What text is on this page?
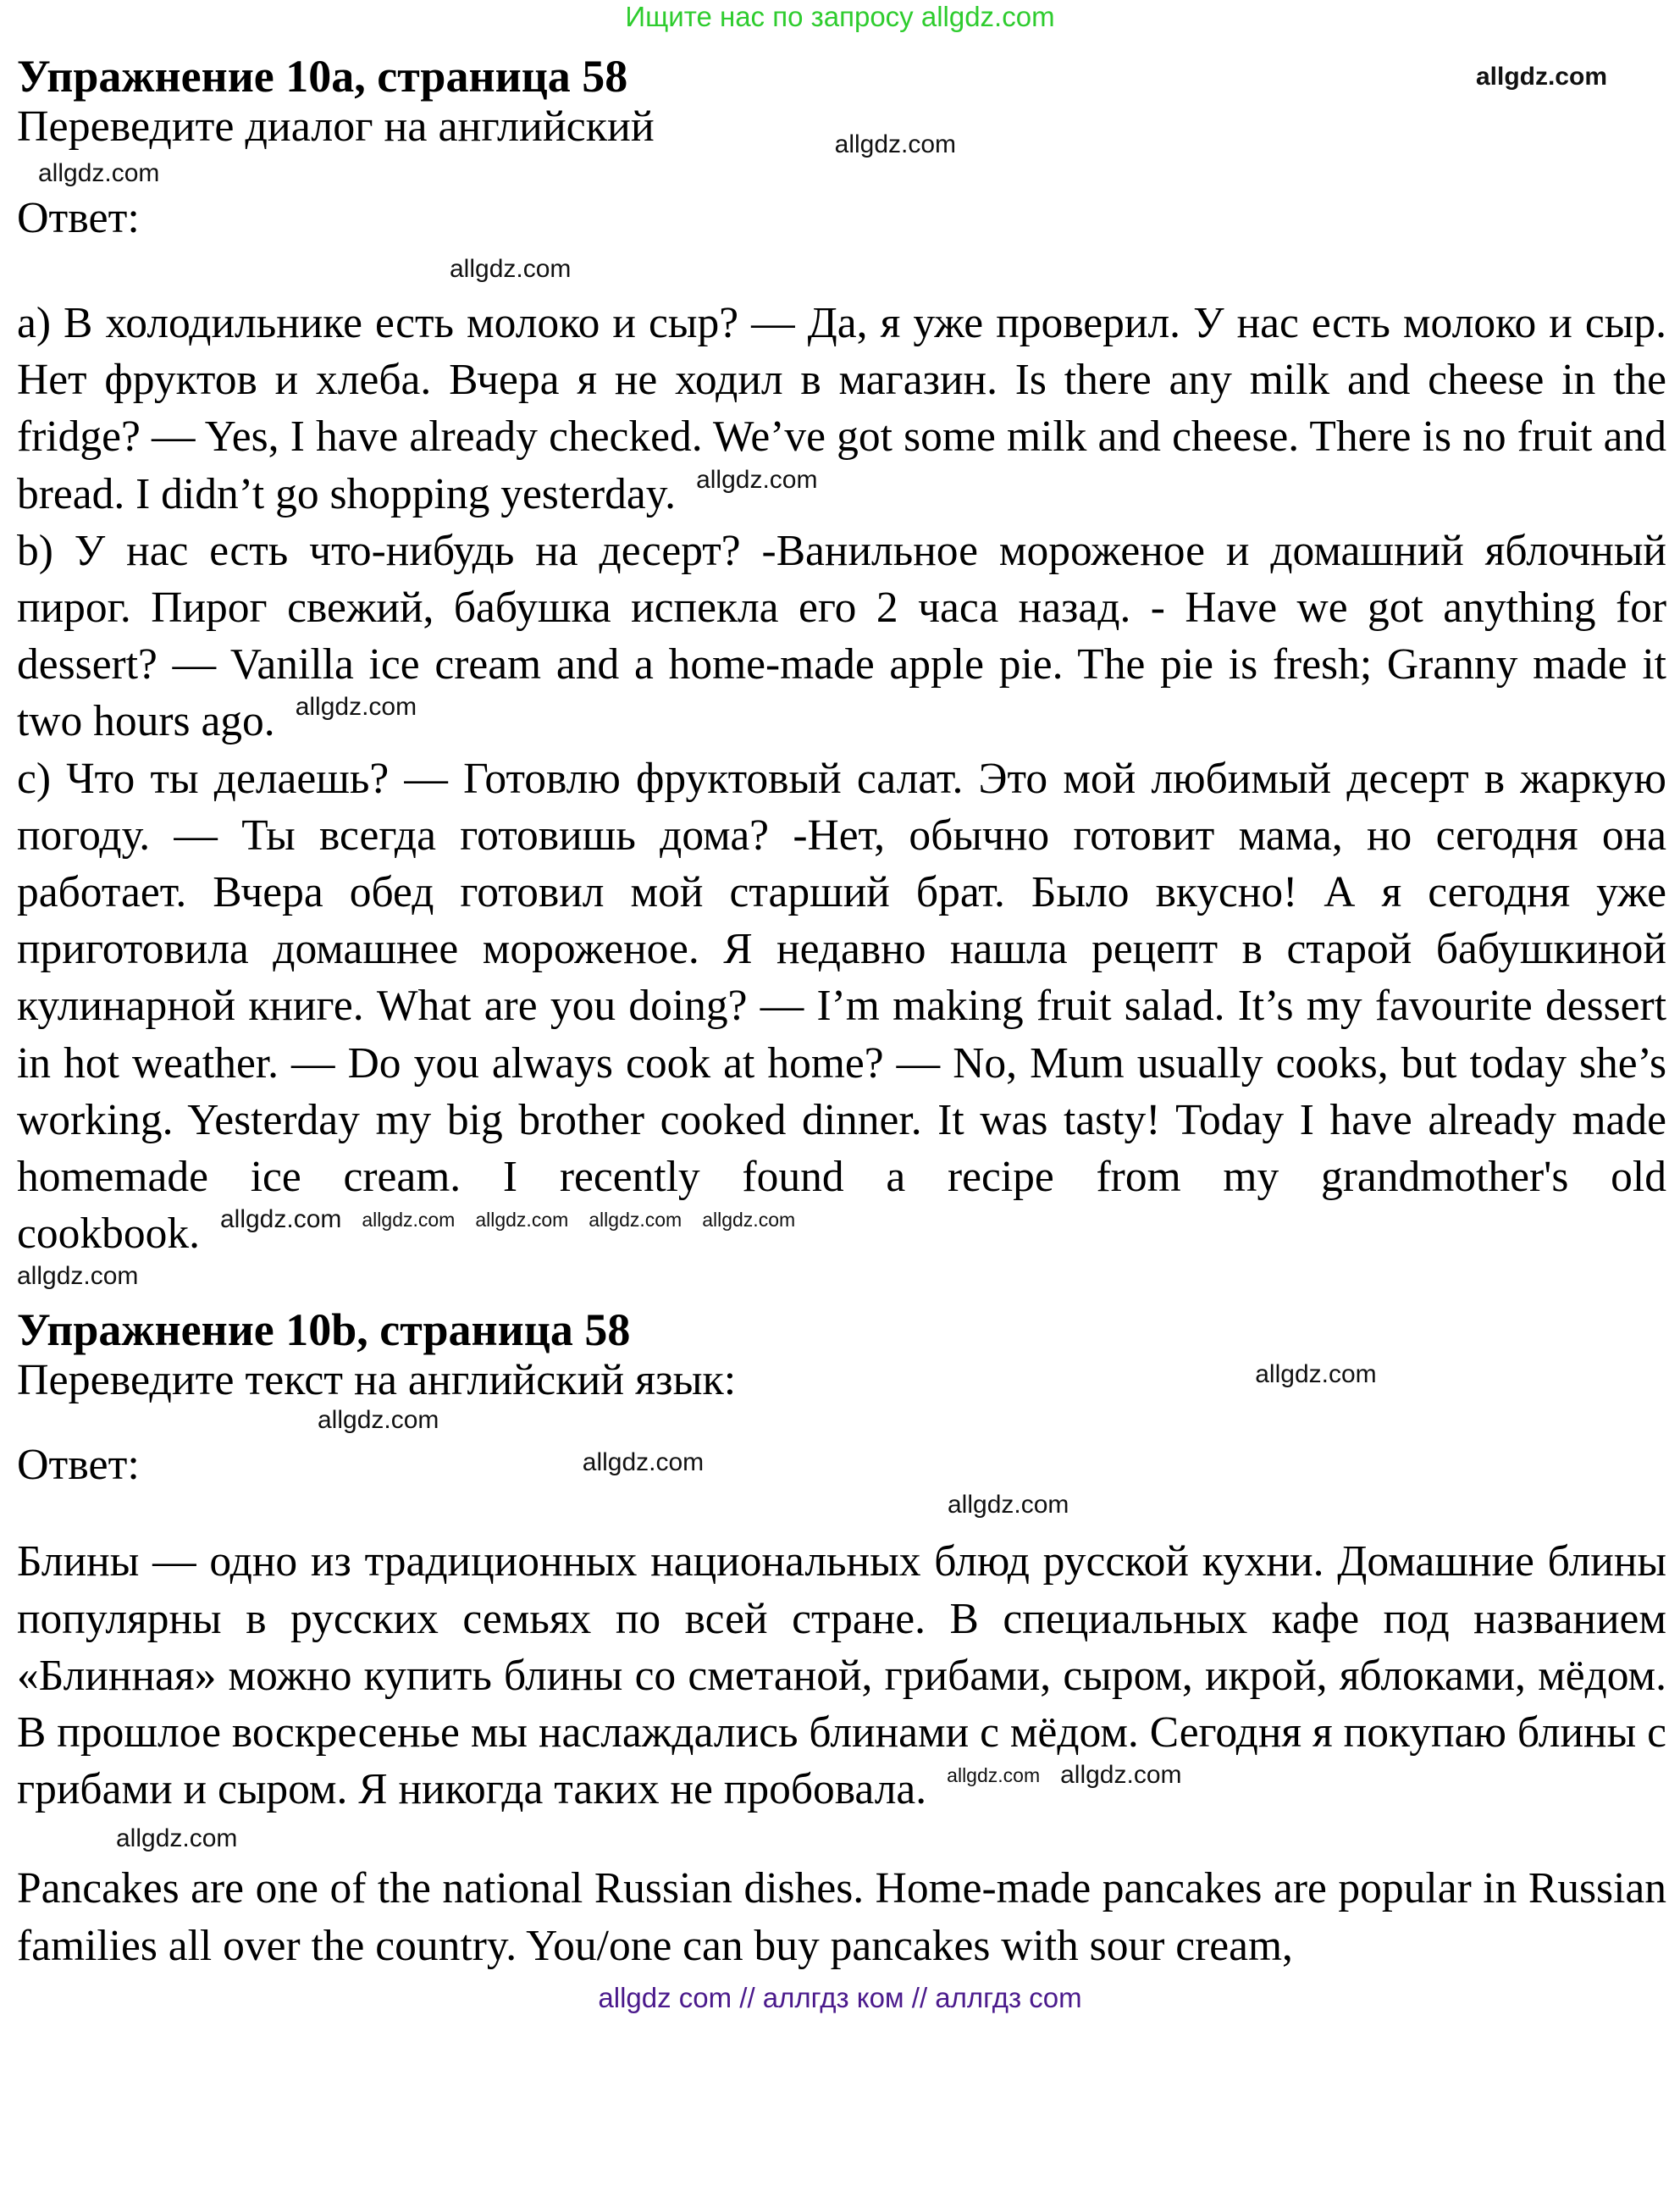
Ищите нас по запросу allgdz.com
allgdz.com
Упражнение 10a, страница 58
Переведите диалог на английский	$_{allgdz.com}$
allgdz.com
Ответ:
allgdz.com
a) В холодильнике есть молоко и сыр? — Да, я уже проверил. У нас есть молоко и сыр. Нет фруктов и хлеба. Вчера я не ходил в магазин. Is there any milk and cheese in the fridge? — Yes, I have already checked. We’ve got some milk and cheese. There is no fruit and bread. I didn’t go shopping yesterday. $^{allgdz.com}$
b) У нас есть что-нибудь на десерт? -Ванильное мороженое и домашний яблочный пирог. Пирог свежий, бабушка испекла его 2 часа назад. - Have we got anything for dessert? — Vanilla ice cream and a home-made apple pie. The pie is fresh; Granny made it two hours ago. $^{allgdz.com}$
c) Что ты делаешь? — Готовлю фруктовый салат. Это мой любимый десерт в жаркую погоду. — Ты всегда готовишь дома? -Нет, обычно готовит мама, но сегодня она работает. Вчера обед готовил мой старший брат. Было вкусно! А я сегодня уже приготовила домашнее мороженое. Я недавно нашла рецепт в старой бабушкиной кулинарной книге. What are you doing? — I’m making fruit salad. It’s my favourite dessert in hot weather. — Do you always cook at home? — No, Mum usually cooks, but today she’s working. Yesterday my big brother cooked dinner. It was tasty! Today I have already made homemade ice cream. I recently found a recipe from my grandmother's old cookbook. $^{allgdz.com}$ $^{allgdz.com}$ $^{allgdz.com}$ $^{allgdz.com}$ $^{allgdz.com}$
allgdz.com
Упражнение 10b, страница 58
Переведите текст на английский язык:	$^{allgdz.com}$
allgdz.com
Ответ:	allgdz.com
allgdz.com
Блины — одно из традиционных национальных блюд русской кухни. Домашние блины популярны в русских семьях по всей стране. В специальных кафе под названием «Блинная» можно купить блины со сметаной, грибами, сыром, икрой, яблоками, мёдом. В прошлое воскресенье мы наслаждались блинами с мёдом. Сегодня я покупаю блины с грибами и сыром. Я никогда таких не пробовала. $^{allgdz.com}$ $^{allgdz.com}$
allgdz.com
Pancakes are one of the national Russian dishes. Home-made pancakes are popular in Russian families all over the country. You/one can buy pancakes with sour cream,
allgdz com // аллгдз ком // аллгдз com
